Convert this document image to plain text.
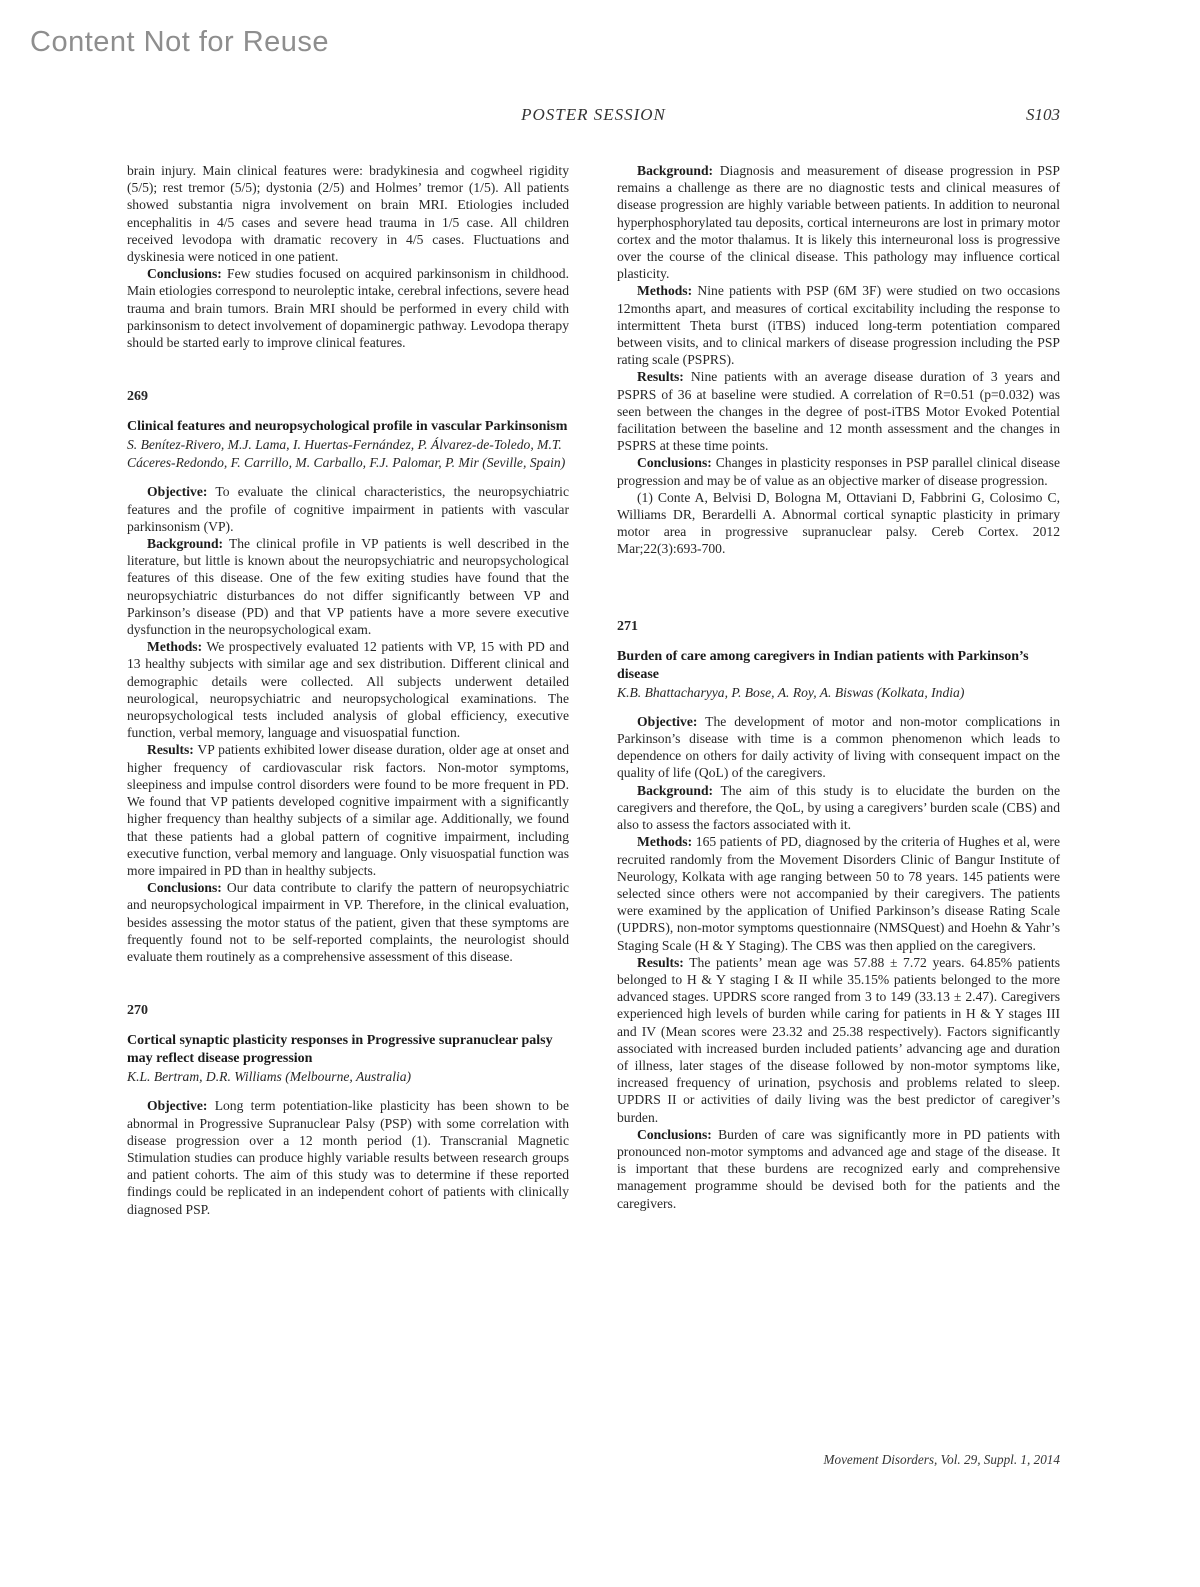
Content Not for Reuse
POSTER SESSION	S103

brain injury. Main clinical features were: bradykinesia and cogwheel rigidity (5/5); rest tremor (5/5); dystonia (2/5) and Holmes’ tremor (1/5). All patients showed substantia nigra involvement on brain MRI. Etiologies included encephalitis in 4/5 cases and severe head trauma in 1/5 case. All children received levodopa with dramatic recovery in 4/5 cases. Fluctuations and dyskinesia were noticed in one patient.

Conclusions: Few studies focused on acquired parkinsonism in childhood. Main etiologies correspond to neuroleptic intake, cerebral infections, severe head trauma and brain tumors. Brain MRI should be performed in every child with parkinsonism to detect involvement of dopaminergic pathway. Levodopa therapy should be started early to improve clinical features.

269
Clinical features and neuropsychological profile in vascular Parkinsonism
S. Benítez-Rivero, M.J. Lama, I. Huertas-Fernández, P. Álvarez-de-Toledo, M.T. Cáceres-Redondo, F. Carrillo, M. Carballo, F.J. Palomar, P. Mir (Seville, Spain)

Objective: To evaluate the clinical characteristics, the neuropsychiatric features and the profile of cognitive impairment in patients with vascular parkinsonism (VP).

Background: The clinical profile in VP patients is well described in the literature, but little is known about the neuropsychiatric and neuropsychological features of this disease. One of the few exiting studies have found that the neuropsychiatric disturbances do not differ significantly between VP and Parkinson’s disease (PD) and that VP patients have a more severe executive dysfunction in the neuropsychological exam.

Methods: We prospectively evaluated 12 patients with VP, 15 with PD and 13 healthy subjects with similar age and sex distribution. Different clinical and demographic details were collected. All subjects underwent detailed neurological, neuropsychiatric and neuropsychological examinations. The neuropsychological tests included analysis of global efficiency, executive function, verbal memory, language and visuospatial function.

Results: VP patients exhibited lower disease duration, older age at onset and higher frequency of cardiovascular risk factors. Non-motor symptoms, sleepiness and impulse control disorders were found to be more frequent in PD. We found that VP patients developed cognitive impairment with a significantly higher frequency than healthy subjects of a similar age. Additionally, we found that these patients had a global pattern of cognitive impairment, including executive function, verbal memory and language. Only visuospatial function was more impaired in PD than in healthy subjects.

Conclusions: Our data contribute to clarify the pattern of neuropsychiatric and neuropsychological impairment in VP. Therefore, in the clinical evaluation, besides assessing the motor status of the patient, given that these symptoms are frequently found not to be self-reported complaints, the neurologist should evaluate them routinely as a comprehensive assessment of this disease.

270
Cortical synaptic plasticity responses in Progressive supranuclear palsy may reflect disease progression
K.L. Bertram, D.R. Williams (Melbourne, Australia)

Objective: Long term potentiation-like plasticity has been shown to be abnormal in Progressive Supranuclear Palsy (PSP) with some correlation with disease progression over a 12 month period (1). Transcranial Magnetic Stimulation studies can produce highly variable results between research groups and patient cohorts. The aim of this study was to determine if these reported findings could be replicated in an independent cohort of patients with clinically diagnosed PSP.

Background: Diagnosis and measurement of disease progression in PSP remains a challenge as there are no diagnostic tests and clinical measures of disease progression are highly variable between patients. In addition to neuronal hyperphosphorylated tau deposits, cortical interneurons are lost in primary motor cortex and the motor thalamus. It is likely this interneuronal loss is progressive over the course of the clinical disease. This pathology may influence cortical plasticity.

Methods: Nine patients with PSP (6M 3F) were studied on two occasions 12months apart, and measures of cortical excitability including the response to intermittent Theta burst (iTBS) induced long-term potentiation compared between visits, and to clinical markers of disease progression including the PSP rating scale (PSPRS).

Results: Nine patients with an average disease duration of 3 years and PSPRS of 36 at baseline were studied. A correlation of R=0.51 (p=0.032) was seen between the changes in the degree of post-iTBS Motor Evoked Potential facilitation between the baseline and 12 month assessment and the changes in PSPRS at these time points.

Conclusions: Changes in plasticity responses in PSP parallel clinical disease progression and may be of value as an objective marker of disease progression.

(1) Conte A, Belvisi D, Bologna M, Ottaviani D, Fabbrini G, Colosimo C, Williams DR, Berardelli A. Abnormal cortical synaptic plasticity in primary motor area in progressive supranuclear palsy. Cereb Cortex. 2012 Mar;22(3):693-700.

271
Burden of care among caregivers in Indian patients with Parkinson’s disease
K.B. Bhattacharyya, P. Bose, A. Roy, A. Biswas (Kolkata, India)

Objective: The development of motor and non-motor complications in Parkinson’s disease with time is a common phenomenon which leads to dependence on others for daily activity of living with consequent impact on the quality of life (QoL) of the caregivers.

Background: The aim of this study is to elucidate the burden on the caregivers and therefore, the QoL, by using a caregivers’ burden scale (CBS) and also to assess the factors associated with it.

Methods: 165 patients of PD, diagnosed by the criteria of Hughes et al, were recruited randomly from the Movement Disorders Clinic of Bangur Institute of Neurology, Kolkata with age ranging between 50 to 78 years. 145 patients were selected since others were not accompanied by their caregivers. The patients were examined by the application of Unified Parkinson’s disease Rating Scale (UPDRS), non-motor symptoms questionnaire (NMSQuest) and Hoehn & Yahr’s Staging Scale (H & Y Staging). The CBS was then applied on the caregivers.

Results: The patients’ mean age was 57.88 ± 7.72 years. 64.85% patients belonged to H & Y staging I & II while 35.15% patients belonged to the more advanced stages. UPDRS score ranged from 3 to 149 (33.13 ± 2.47). Caregivers experienced high levels of burden while caring for patients in H & Y stages III and IV (Mean scores were 23.32 and 25.38 respectively). Factors significantly associated with increased burden included patients’ advancing age and duration of illness, later stages of the disease followed by non-motor symptoms like, increased frequency of urination, psychosis and problems related to sleep. UPDRS II or activities of daily living was the best predictor of caregiver’s burden.

Conclusions: Burden of care was significantly more in PD patients with pronounced non-motor symptoms and advanced age and stage of the disease. It is important that these burdens are recognized early and comprehensive management programme should be devised both for the patients and the caregivers.

Movement Disorders, Vol. 29, Suppl. 1, 2014
